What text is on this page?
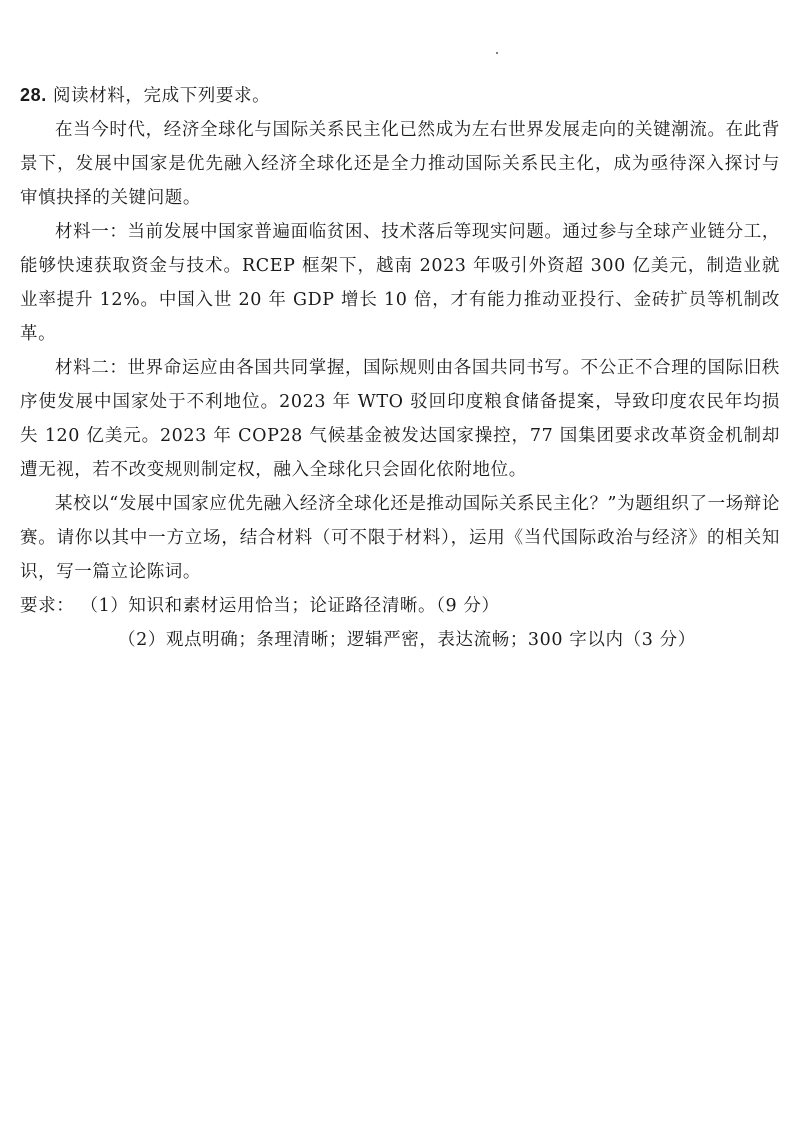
28. 阅读材料，完成下列要求。

在当今时代，经济全球化与国际关系民主化已然成为左右世界发展走向的关键潮流。在此背景下，发展中国家是优先融入经济全球化还是全力推动国际关系民主化，成为亟待深入探讨与审慎抉择的关键问题。

材料一：当前发展中国家普遍面临贫困、技术落后等现实问题。通过参与全球产业链分工，能够快速获取资金与技术。RCEP 框架下，越南 2023 年吸引外资超 300 亿美元，制造业就业率提升 12%。中国入世 20 年 GDP 增长 10 倍，才有能力推动亚投行、金砖扩员等机制改革。

材料二：世界命运应由各国共同掌握，国际规则由各国共同书写。不公正不合理的国际旧秩序使发展中国家处于不利地位。2023 年 WTO 驳回印度粮食储备提案，导致印度农民年均损失 120 亿美元。2023 年 COP28 气候基金被发达国家操控，77 国集团要求改革资金机制却遭无视，若不改变规则制定权，融入全球化只会固化依附地位。

某校以“发展中国家应优先融入经济全球化还是推动国际关系民主化？”为题组织了一场辩论赛。请你以其中一方立场，结合材料（可不限于材料），运用《当代国际政治与经济》的相关知识，写一篇立论陈词。

要求： （1）知识和素材运用恰当；论证路径清晰。（9 分）

（2）观点明确；条理清晰；逻辑严密，表达流畅；300 字以内（3 分）
